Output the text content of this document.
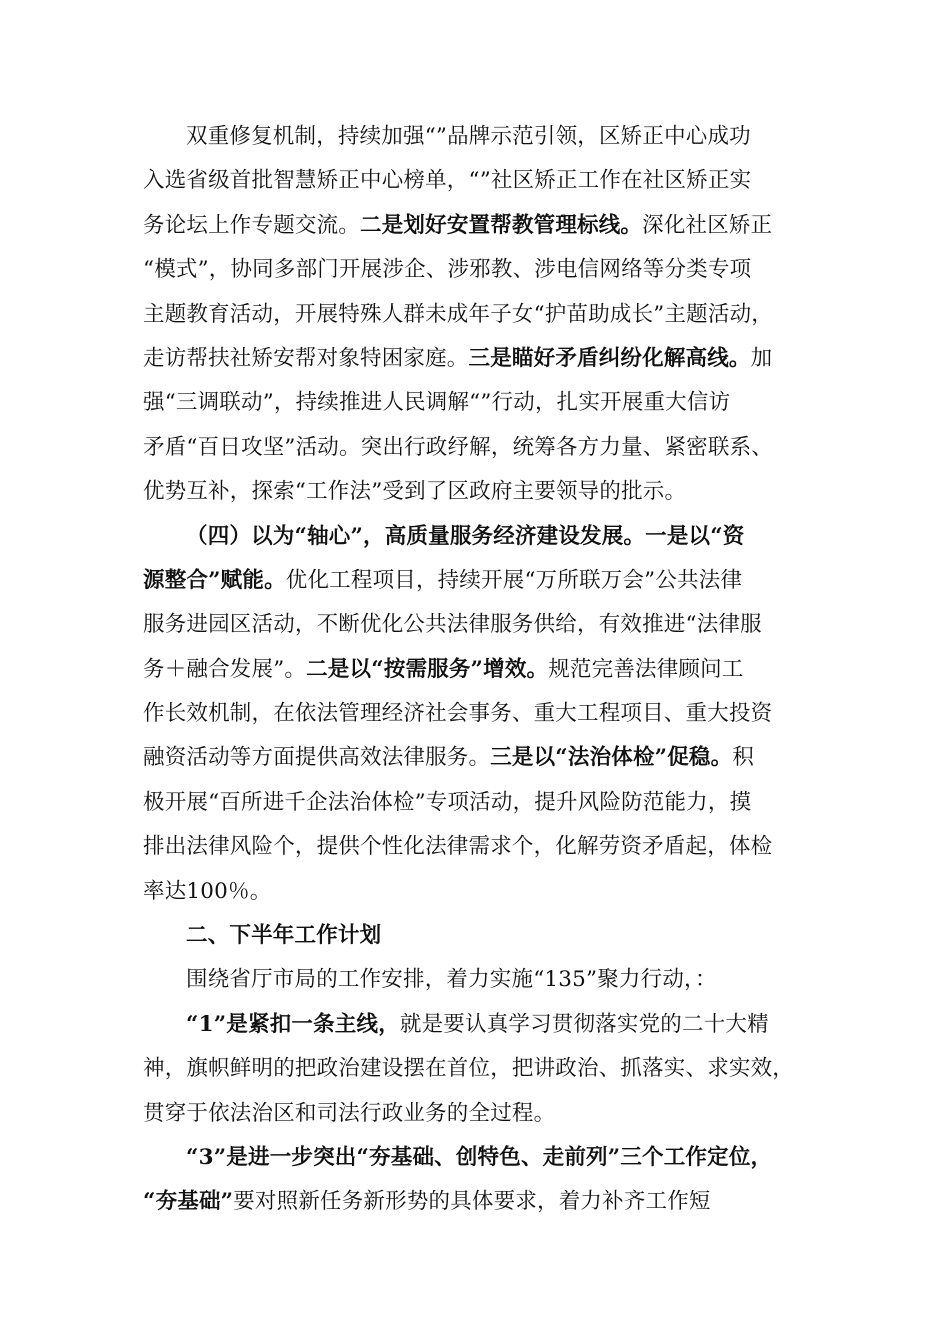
双重修复机制，持续加强“”品牌示范引领，区矫正中心成功
入选省级首批智慧矫正中心榜单，“”社区矫正工作在社区矫正实
务论坛上作专题交流。二是划好安置帮教管理标线。深化社区矫正
“模式”，协同多部门开展涉企、涉邪教、涉电信网络等分类专项
主题教育活动，开展特殊人群未成年子女“护苗助成长”主题活动，
走访帮扶社矫安帮对象特困家庭。三是瞄好矛盾纠纷化解高线。加
强“三调联动”，持续推进人民调解“”行动，扎实开展重大信访
矛盾“百日攻坚”活动。突出行政纾解，统筹各方力量、紧密联系、
优势互补，探索“工作法”受到了区政府主要领导的批示。
（四）以为“轴心”，高质量服务经济建设发展。一是以“资
源整合”赋能。优化工程项目，持续开展“万所联万会”公共法律
服务进园区活动，不断优化公共法律服务供给，有效推进“法律服
务＋融合发展”。二是以“按需服务”增效。规范完善法律顾问工
作长效机制，在依法管理经济社会事务、重大工程项目、重大投资
融资活动等方面提供高效法律服务。三是以“法治体检”促稳。积
极开展“百所进千企法治体检”专项活动，提升风险防范能力，摸
排出法律风险个，提供个性化法律需求个，化解劳资矛盾起，体检
率达100％。
二、下半年工作计划
围绕省厅市局的工作安排，着力实施“135”聚力行动，：
“1”是紧扣一条主线，就是要认真学习贯彻落实党的二十大精
神，旗帜鲜明的把政治建设摆在首位，把讲政治、抓落实、求实效，
贯穿于依法治区和司法行政业务的全过程。
“3”是进一步突出“夯基础、创特色、走前列”三个工作定位，
“夯基础”要对照新任务新形势的具体要求，着力补齐工作短
